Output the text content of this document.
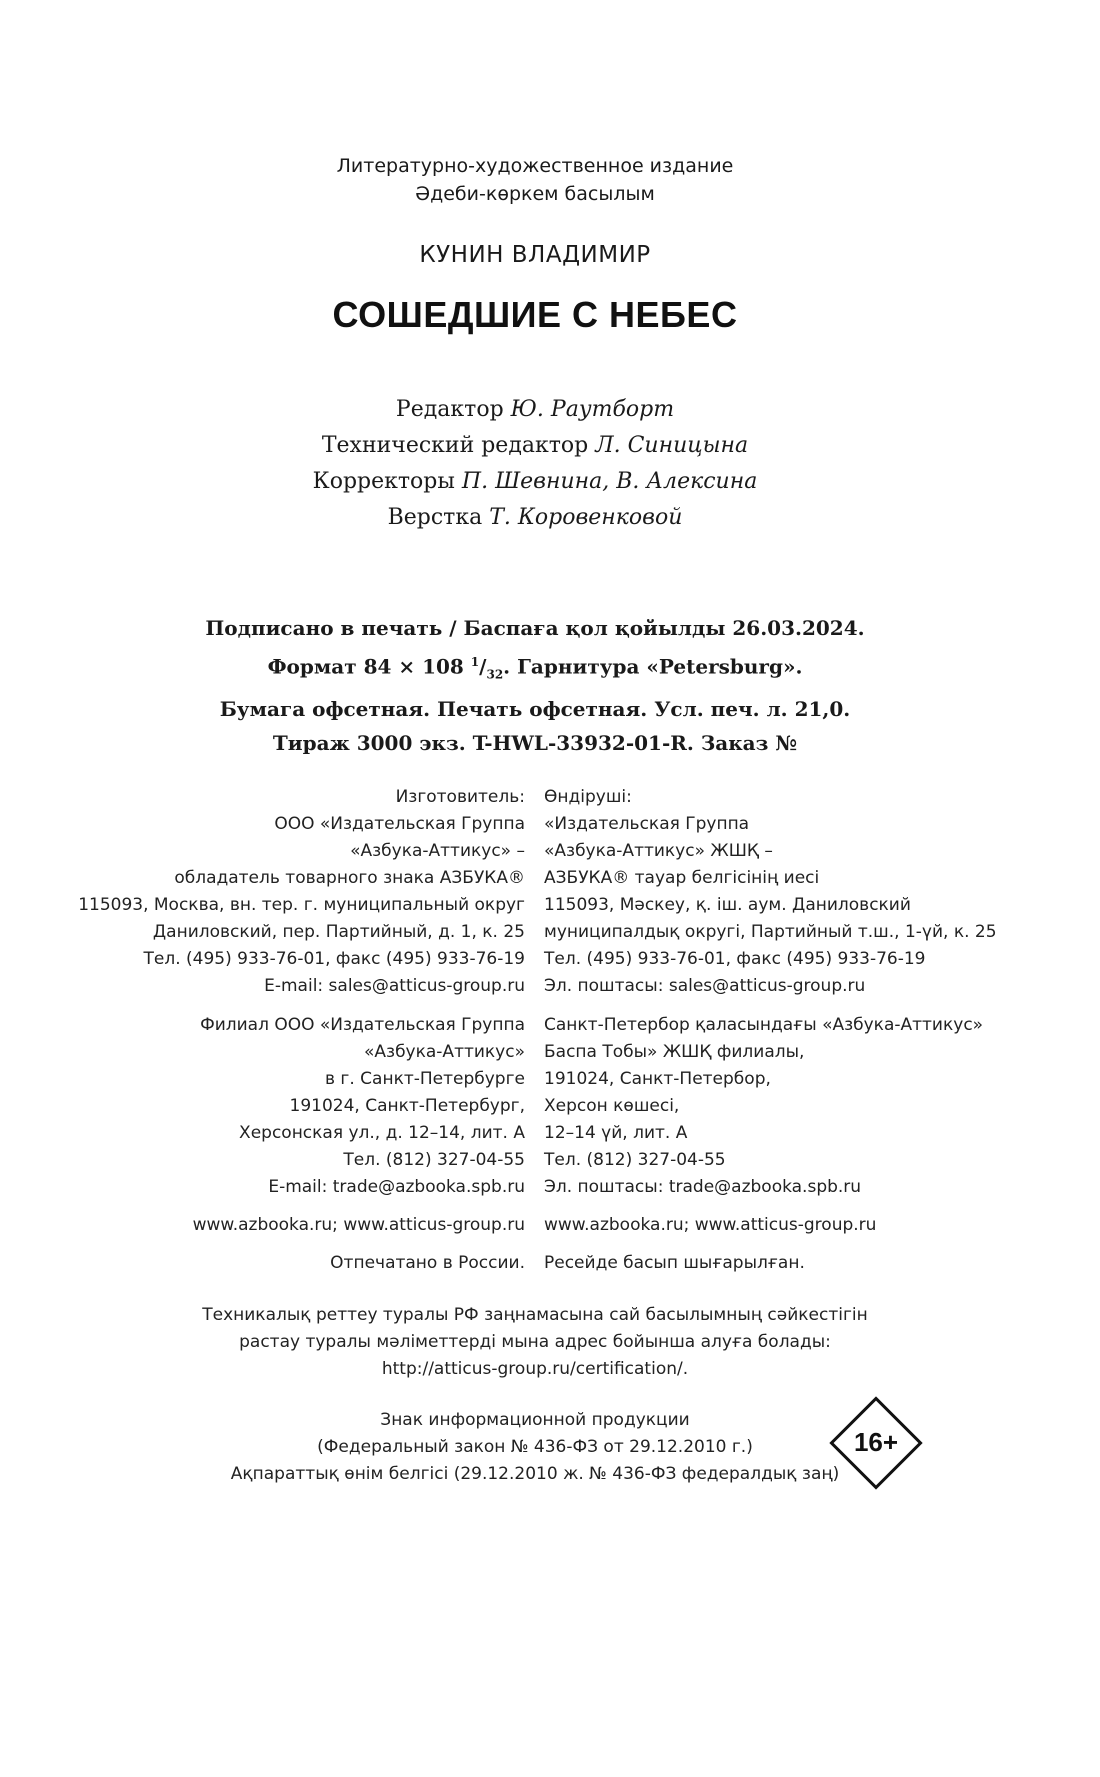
Литературно-художественное издание
Әдеби-көркем басылым
КУНИН ВЛАДИМИР
СОШЕДШИЕ С НЕБЕС
Редактор Ю. Раутборт
Технический редактор Л. Синицына
Корректоры П. Шевнина, В. Алексина
Верстка Т. Коровенковой
Подписано в печать / Баспаға қол қойылды 26.03.2024.
Формат 84 × 108 $^1/_{32}$. Гарнитура «Petersburg».
Бумага офсетная. Печать офсетная. Усл. печ. л. 21,0.
Тираж 3000 экз. T-HWL-33932-01-R. Заказ №
Изготовитель:
ООО «Издательская Группа
«Азбука-Аттикус» –
обладатель товарного знака АЗБУКА®
115093, Москва, вн. тер. г. муниципальный округ
Даниловский, пер. Партийный, д. 1, к. 25
Тел. (495) 933-76-01, факс (495) 933-76-19
E-mail: sales@atticus-group.ru
Өндіруші:
«Издательская Группа
«Азбука-Аттикус» ЖШҚ –
АЗБУКА® тауар белгісінің иесі
115093, Мәскеу, қ. іш. аум. Даниловский
муниципалдық округі, Партийный т.ш., 1-үй, к. 25
Тел. (495) 933-76-01, факс (495) 933-76-19
Эл. поштасы: sales@atticus-group.ru
Филиал ООО «Издательская Группа
«Азбука-Аттикус»
в г. Санкт-Петербурге
191024, Санкт-Петербург,
Херсонская ул., д. 12–14, лит. А
Тел. (812) 327-04-55
E-mail: trade@azbooka.spb.ru
Санкт-Петербор қаласындағы «Азбука-Аттикус»
Баспа Тобы» ЖШҚ филиалы,
191024, Санкт-Петербор,
Херсон көшесі,
12–14 үй, лит. А
Тел. (812) 327-04-55
Эл. поштасы: trade@azbooka.spb.ru
www.azbooka.ru; www.atticus-group.ru www.azbooka.ru; www.atticus-group.ru
Отпечатано в России. Ресейде басып шығарылған.
Техникалық реттеу туралы РФ заңнамасына сай басылымның сәйкестігін
растау туралы мәліметтерді мына адрес бойынша алуға болады:
http://atticus-group.ru/certification/.
Знак информационной продукции
(Федеральный закон № 436-ФЗ от 29.12.2010 г.)
Ақпараттық өнім белгісі (29.12.2010 ж. № 436-ФЗ федералдық заң)
16+
